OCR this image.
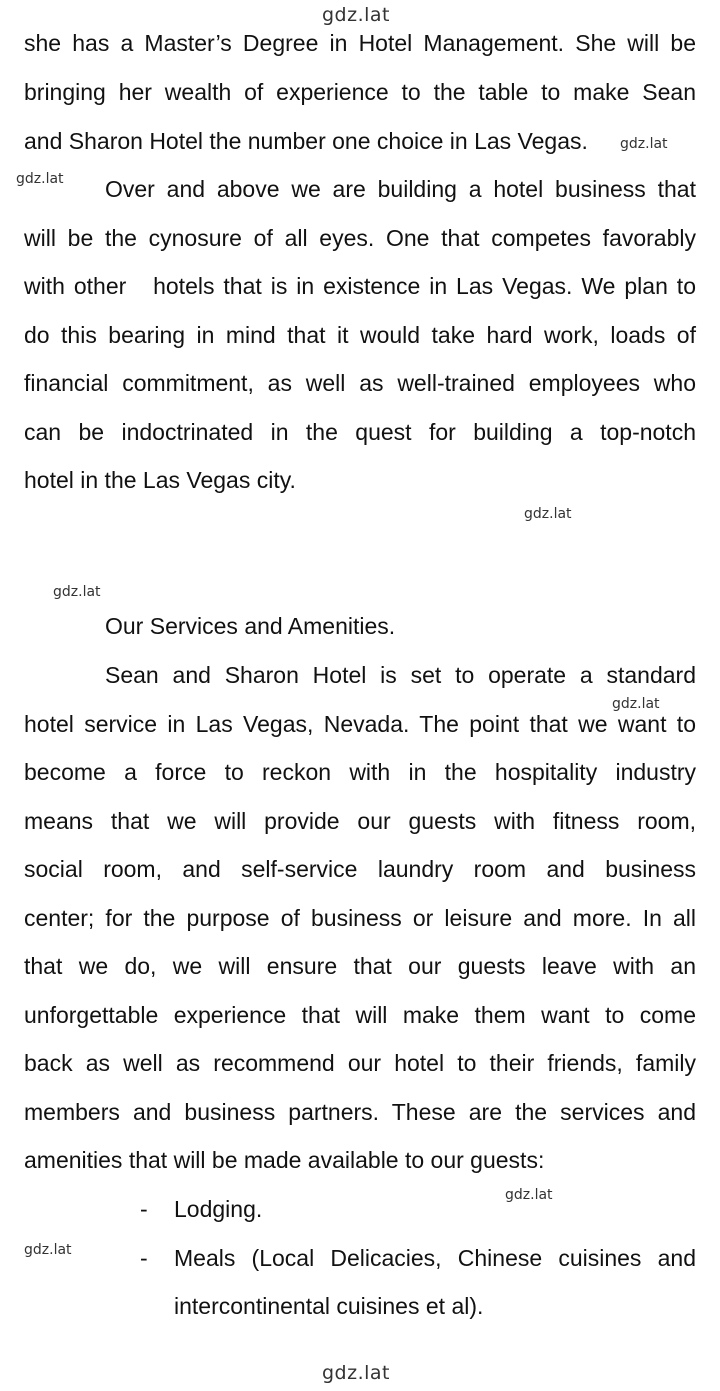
gdz.lat
gdz.lat
gdz.lat
gdz.lat
gdz.lat
gdz.lat
gdz.lat
gdz.lat
gdz.lat
she has a Master’s Degree in Hotel Management. She will be
bringing her wealth of experience to the table to make Sean
and Sharon Hotel the number one choice in Las Vegas.
Over and above we are building a hotel business that
will be the cynosure of all eyes. One that competes favorably
with other   hotels that is in existence in Las Vegas. We plan to
do this bearing in mind that it would take hard work, loads of
financial commitment, as well as well-trained employees who
can be indoctrinated in the quest for building a top-notch
hotel in the Las Vegas city.
Our Services and Amenities.
Sean and Sharon Hotel is set to operate a standard
hotel service in Las Vegas, Nevada. The point that we want to
become a force to reckon with in the hospitality industry
means that we will provide our guests with fitness room,
social room, and self-service laundry room and business
center; for the purpose of business or leisure and more. In all
that we do, we will ensure that our guests leave with an
unforgettable experience that will make them want to come
back as well as recommend our hotel to their friends, family
members and business partners. These are the services and
amenities that will be made available to our guests:
- Lodging.
- Meals (Local Delicacies, Chinese cuisines and
intercontinental cuisines et al).
